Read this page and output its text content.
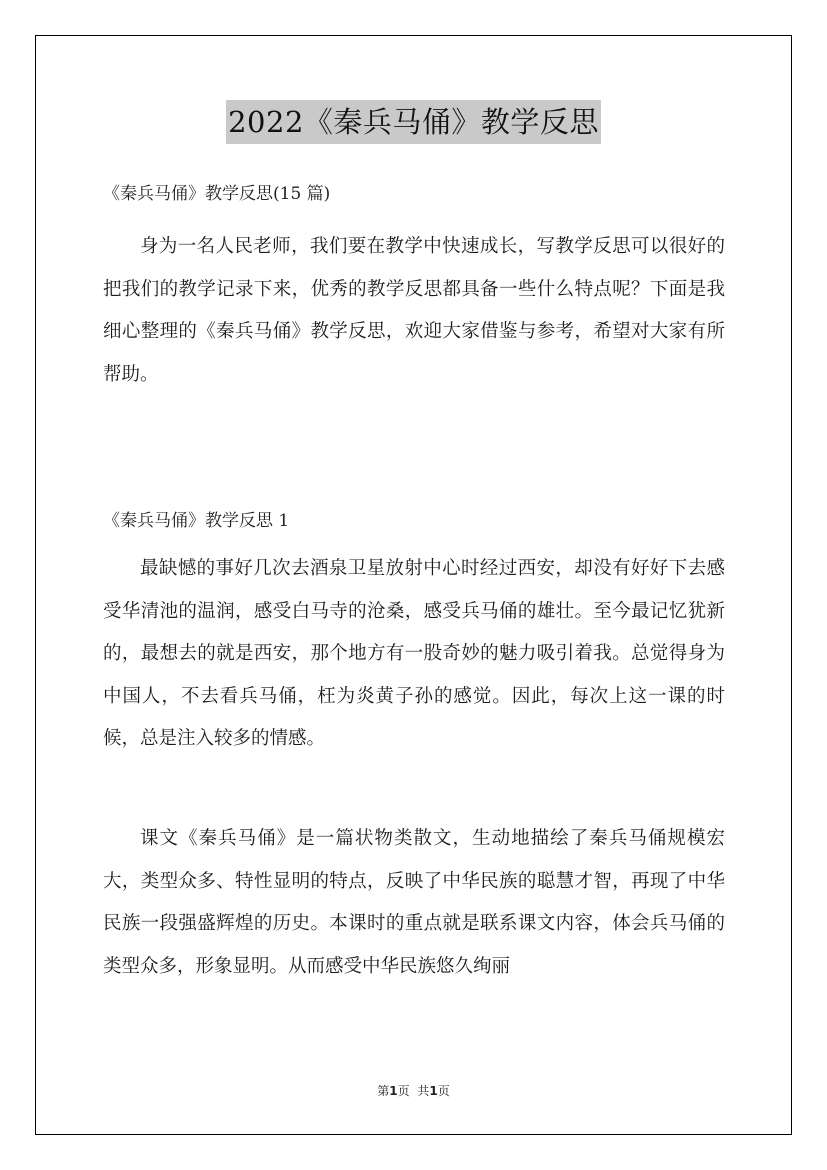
2022《秦兵马俑》教学反思
《秦兵马俑》教学反思(15 篇)

身为一名人民老师，我们要在教学中快速成长，写教学反思可以很好的把我们的教学记录下来，优秀的教学反思都具备一些什么特点呢？下面是我细心整理的《秦兵马俑》教学反思，欢迎大家借鉴与参考，希望对大家有所帮助。

《秦兵马俑》教学反思 1

最缺憾的事好几次去酒泉卫星放射中心时经过西安，却没有好好下去感受华清池的温润，感受白马寺的沧桑，感受兵马俑的雄壮。至今最记忆犹新的，最想去的就是西安，那个地方有一股奇妙的魅力吸引着我。总觉得身为中国人，不去看兵马俑，枉为炎黄子孙的感觉。因此，每次上这一课的时候，总是注入较多的情感。

课文《秦兵马俑》是一篇状物类散文，生动地描绘了秦兵马俑规模宏大，类型众多、特性显明的特点，反映了中华民族的聪慧才智，再现了中华民族一段强盛辉煌的历史。本课时的重点就是联系课文内容，体会兵马俑的类型众多，形象显明。从而感受中华民族悠久绚丽

第1页 共1页
